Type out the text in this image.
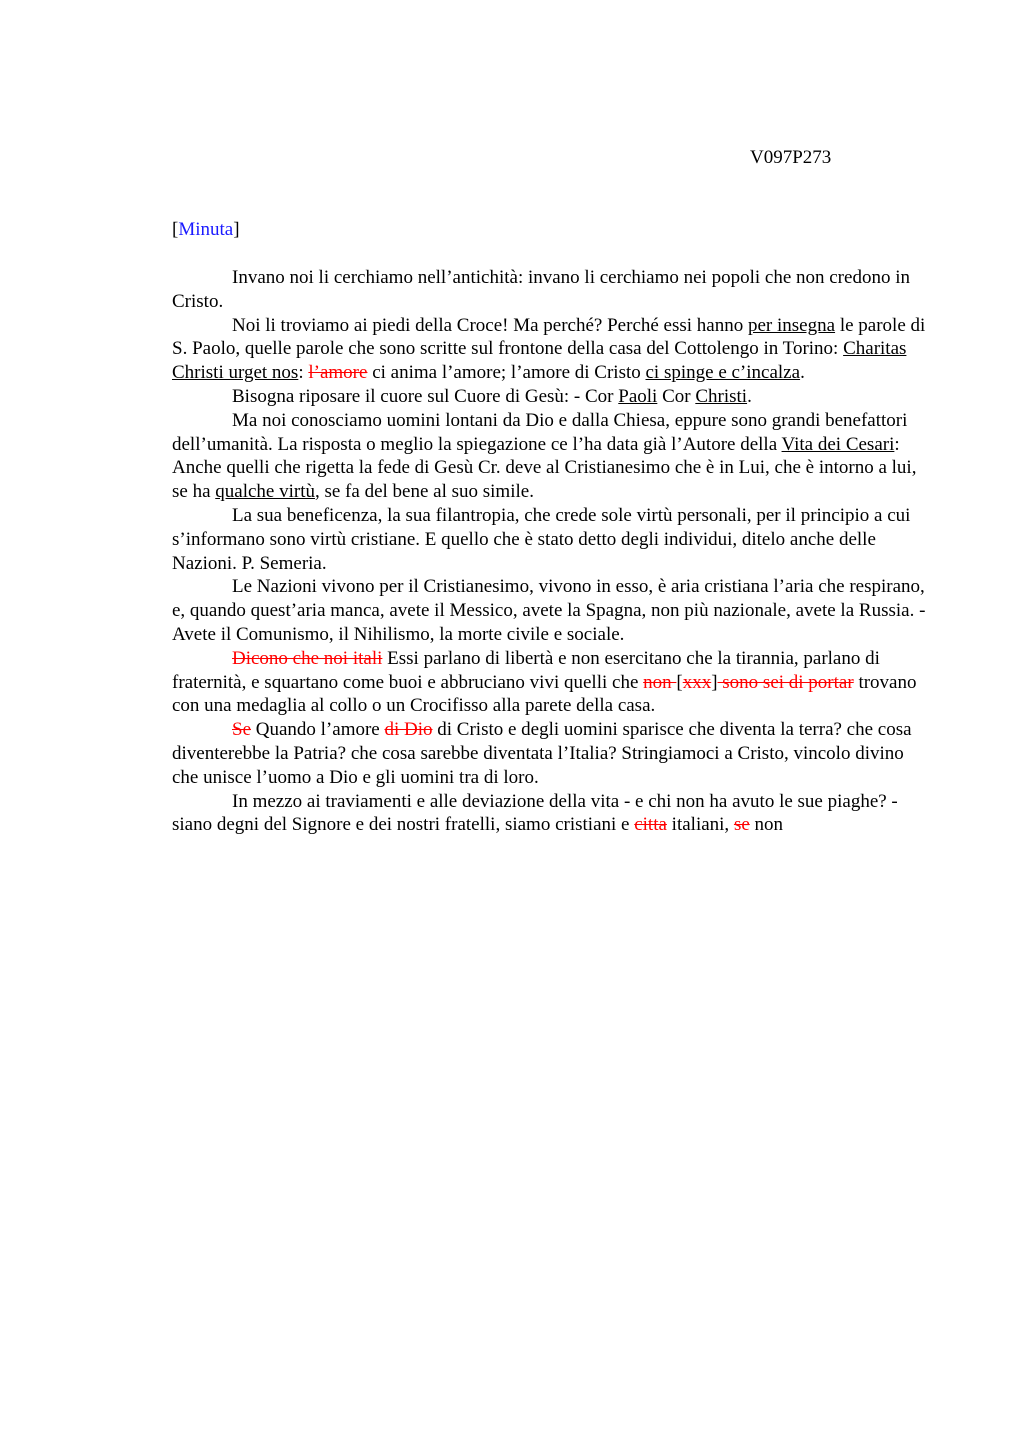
V097P273

[Minuta]

Invano noi li cerchiamo nell’antichità: invano li cerchiamo nei popoli che non credono in Cristo.

Noi li troviamo ai piedi della Croce! Ma perché? Perché essi hanno per insegna le parole di S. Paolo, quelle parole che sono scritte sul frontone della casa del Cottolengo in Torino: Charitas Christi urget nos: l’amore ci anima l’amore; l’amore di Cristo ci spinge e c’incalza.

Bisogna riposare il cuore sul Cuore di Gesù: - Cor Paoli Cor Christi.

Ma noi conosciamo uomini lontani da Dio e dalla Chiesa, eppure sono grandi benefattori dell’umanità. La risposta o meglio la spiegazione ce l’ha data già l’Autore della Vita dei Cesari: Anche quelli che rigetta la fede di Gesù Cr. deve al Cristianesimo che è in Lui, che è intorno a lui, se ha qualche virtù, se fa del bene al suo simile.

La sua beneficenza, la sua filantropia, che crede sole virtù personali, per il principio a cui s’informano sono virtù cristiane. E quello che è stato detto degli individui, ditelo anche delle Nazioni. P. Semeria.

Le Nazioni vivono per il Cristianesimo, vivono in esso, è aria cristiana l’aria che respirano, e, quando quest’aria manca, avete il Messico, avete la Spagna, non più nazionale, avete la Russia. - Avete il Comunismo, il Nihilismo, la morte civile e sociale.

Dicono che noi itali Essi parlano di libertà e non esercitano che la tirannia, parlano di fraternità, e squartano come buoi e abbruciano vivi quelli che non [xxx] sono sei di portar trovano con una medaglia al collo o un Crocifisso alla parete della casa.

Se Quando l’amore di Dio di Cristo e degli uomini sparisce che diventa la terra? che cosa diventerebbe la Patria? che cosa sarebbe diventata l’Italia? Stringiamoci a Cristo, vincolo divino che unisce l’uomo a Dio e gli uomini tra di loro.

In mezzo ai traviamenti e alle deviazione della vita - e chi non ha avuto le sue piaghe? - siano degni del Signore e dei nostri fratelli, siamo cristiani e citta italiani, se non
